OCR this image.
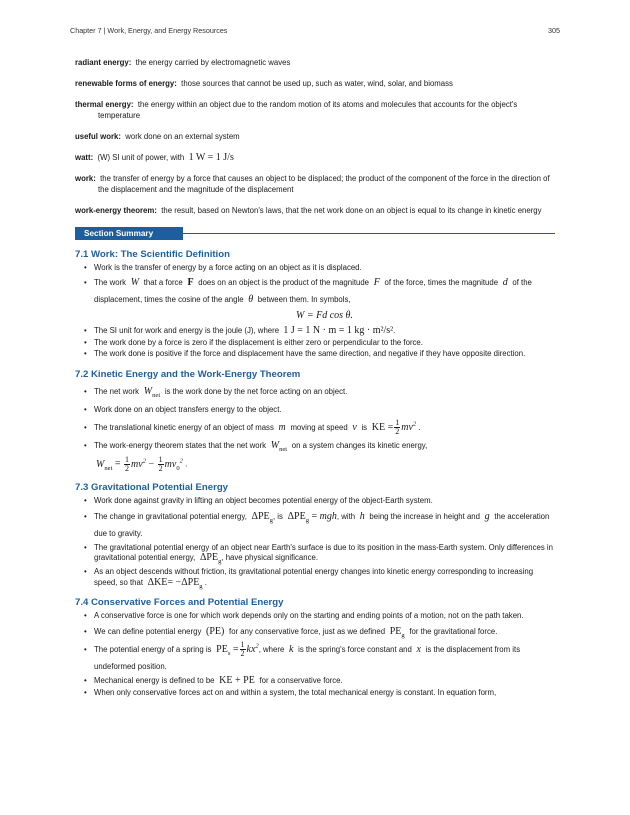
Chapter 7 | Work, Energy, and Energy Resources	305

radiant energy: the energy carried by electromagnetic waves

renewable forms of energy: those sources that cannot be used up, such as water, wind, solar, and biomass

thermal energy: the energy within an object due to the random motion of its atoms and molecules that accounts for the object's temperature

useful work: work done on an external system

watt: (W) SI unit of power, with 1 W = 1 J/s

work: the transfer of energy by a force that causes an object to be displaced; the product of the component of the force in the direction of the displacement and the magnitude of the displacement

work-energy theorem: the result, based on Newton's laws, that the net work done on an object is equal to its change in kinetic energy

Section Summary
7.1 Work: The Scientific Definition
• Work is the transfer of energy by a force acting on an object as it is displaced.
• The work  W  that a force F does on an object is the product of the magnitude  F  of the force, times the magnitude  d  of the displacement, times the cosine of the angle  θ  between them. In symbols,
W = Fd cos θ.
• The SI unit for work and energy is the joule (J), where 1 J = 1 N · m = 1 kg · m²/s².
• The work done by a force is zero if the displacement is either zero or perpendicular to the force.
• The work done is positive if the force and displacement have the same direction, and negative if they have opposite direction.
7.2 Kinetic Energy and the Work-Energy Theorem
• The net work  $W_{net}$ is the work done by the net force acting on an object.
• Work done on an object transfers energy to the object.
• The translational kinetic energy of an object of mass  m  moving at speed  v  is  KE = $\frac{1}{2} mv^2$ .
• The work-energy theorem states that the net work  $W_{net}$ on a system changes its kinetic energy,
$W_{net} = \frac{1}{2} mv^2 - \frac{1}{2} mv_0^2$ .
7.3 Gravitational Potential Energy
• Work done against gravity in lifting an object becomes potential energy of the object-Earth system.
• The change in gravitational potential energy,  $\Delta PE_g$, is  $\Delta PE_g$ = mgh, with  h  being the increase in height and  g  the acceleration due to gravity.
• The gravitational potential energy of an object near Earth's surface is due to its position in the mass-Earth system. Only differences in gravitational potential energy,  $\Delta PE_g$, have physical significance.
• As an object descends without friction, its gravitational potential energy changes into kinetic energy corresponding to increasing speed, so that  $\Delta KE= -\Delta PE_g$ .
7.4 Conservative Forces and Potential Energy
• A conservative force is one for which work depends only on the starting and ending points of a motion, not on the path taken.
• We can define potential energy  (PE)  for any conservative force, just as we defined  $PE_g$ for the gravitational force.
• The potential energy of a spring is  $PE_s = \frac{1}{2} kx^2$, where  k  is the spring's force constant and  x  is the displacement from its undeformed position.
• Mechanical energy is defined to be  KE + PE  for a conservative force.
• When only conservative forces act on and within a system, the total mechanical energy is constant. In equation form,
